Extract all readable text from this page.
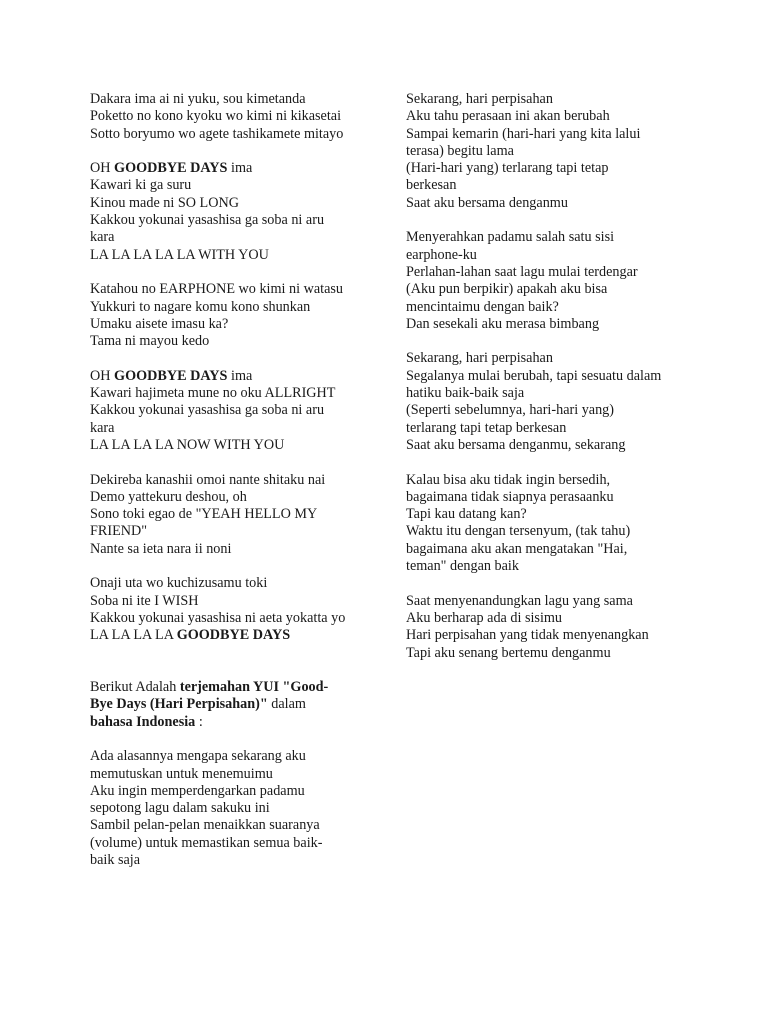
Dakara ima ai ni yuku, sou kimetanda
Poketto no kono kyoku wo kimi ni kikasetai
Sotto boryumo wo agete tashikamete mitayo
OH GOODBYE DAYS ima
Kawari ki ga suru
Kinou made ni SO LONG
Kakkou yokunai yasashisa ga soba ni aru
kara
LA LA LA LA LA WITH YOU
Katahou no EARPHONE wo kimi ni watasu
Yukkuri to nagare komu kono shunkan
Umaku aisete imasu ka?
Tama ni mayou kedo
OH GOODBYE DAYS ima
Kawari hajimeta mune no oku ALLRIGHT
Kakkou yokunai yasashisa ga soba ni aru
kara
LA LA LA LA NOW WITH YOU
Dekireba kanashii omoi nante shitaku nai
Demo yattekuru deshou, oh
Sono toki egao de "YEAH HELLO MY
FRIEND"
Nante sa ieta nara ii noni
Onaji uta wo kuchizusamu toki
Soba ni ite I WISH
Kakkou yokunai yasashisa ni aeta yokatta yo
LA LA LA LA GOODBYE DAYS
Berikut Adalah terjemahan YUI "Good-
Bye Days (Hari Perpisahan)" dalam
bahasa Indonesia :
Ada alasannya mengapa sekarang aku
memutuskan untuk menemuimu
Aku ingin memperdengarkan padamu
sepotong lagu dalam sakuku ini
Sambil pelan-pelan menaikkan suaranya
(volume) untuk memastikan semua baik-
baik saja
Sekarang, hari perpisahan
Aku tahu perasaan ini akan berubah
Sampai kemarin (hari-hari yang kita lalui
terasa) begitu lama
(Hari-hari yang) terlarang tapi tetap
berkesan
Saat aku bersama denganmu
Menyerahkan padamu salah satu sisi
earphone-ku
Perlahan-lahan saat lagu mulai terdengar
(Aku pun berpikir) apakah aku bisa
mencintaimu dengan baik?
Dan sesekali aku merasa bimbang
Sekarang, hari perpisahan
Segalanya mulai berubah, tapi sesuatu dalam
hatiku baik-baik saja
(Seperti sebelumnya, hari-hari yang)
terlarang tapi tetap berkesan
Saat aku bersama denganmu, sekarang
Kalau bisa aku tidak ingin bersedih,
bagaimana tidak siapnya perasaanku
Tapi kau datang kan?
Waktu itu dengan tersenyum, (tak tahu)
bagaimana aku akan mengatakan "Hai,
teman" dengan baik
Saat menyenandungkan lagu yang sama
Aku berharap ada di sisimu
Hari perpisahan yang tidak menyenangkan
Tapi aku senang bertemu denganmu
